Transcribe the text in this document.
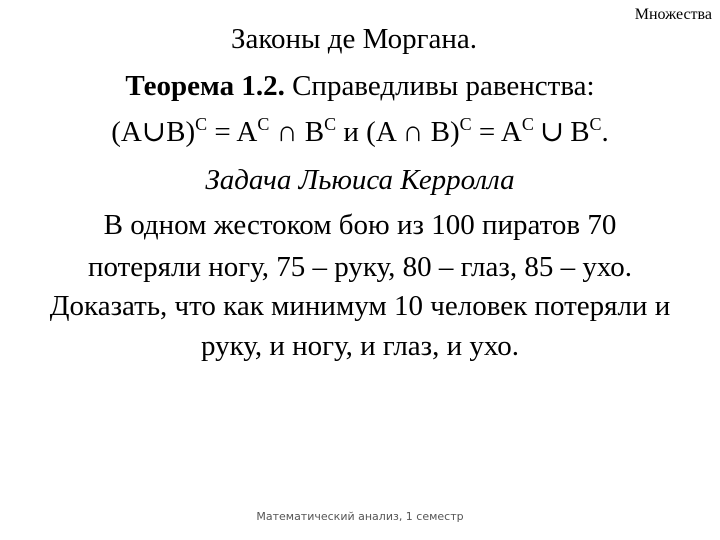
Множества
Законы де Моргана.
Теорема 1.2. Справедливы равенства:
(A∪B)$^C$ = $A^C$ ∩ $B^C$ и (A ∩ $B)^C = A^C$ ∪ $B^C$.
Задача Льюиса Керролла
В одном жестоком бою из 100 пиратов 70
потеряли ногу, 75 – руку, 80 – глаз, 85 – ухо.
Доказать, что как минимум 10 человек потеряли и
руку, и ногу, и глаз, и ухо.
Математический анализ, 1 семестр
